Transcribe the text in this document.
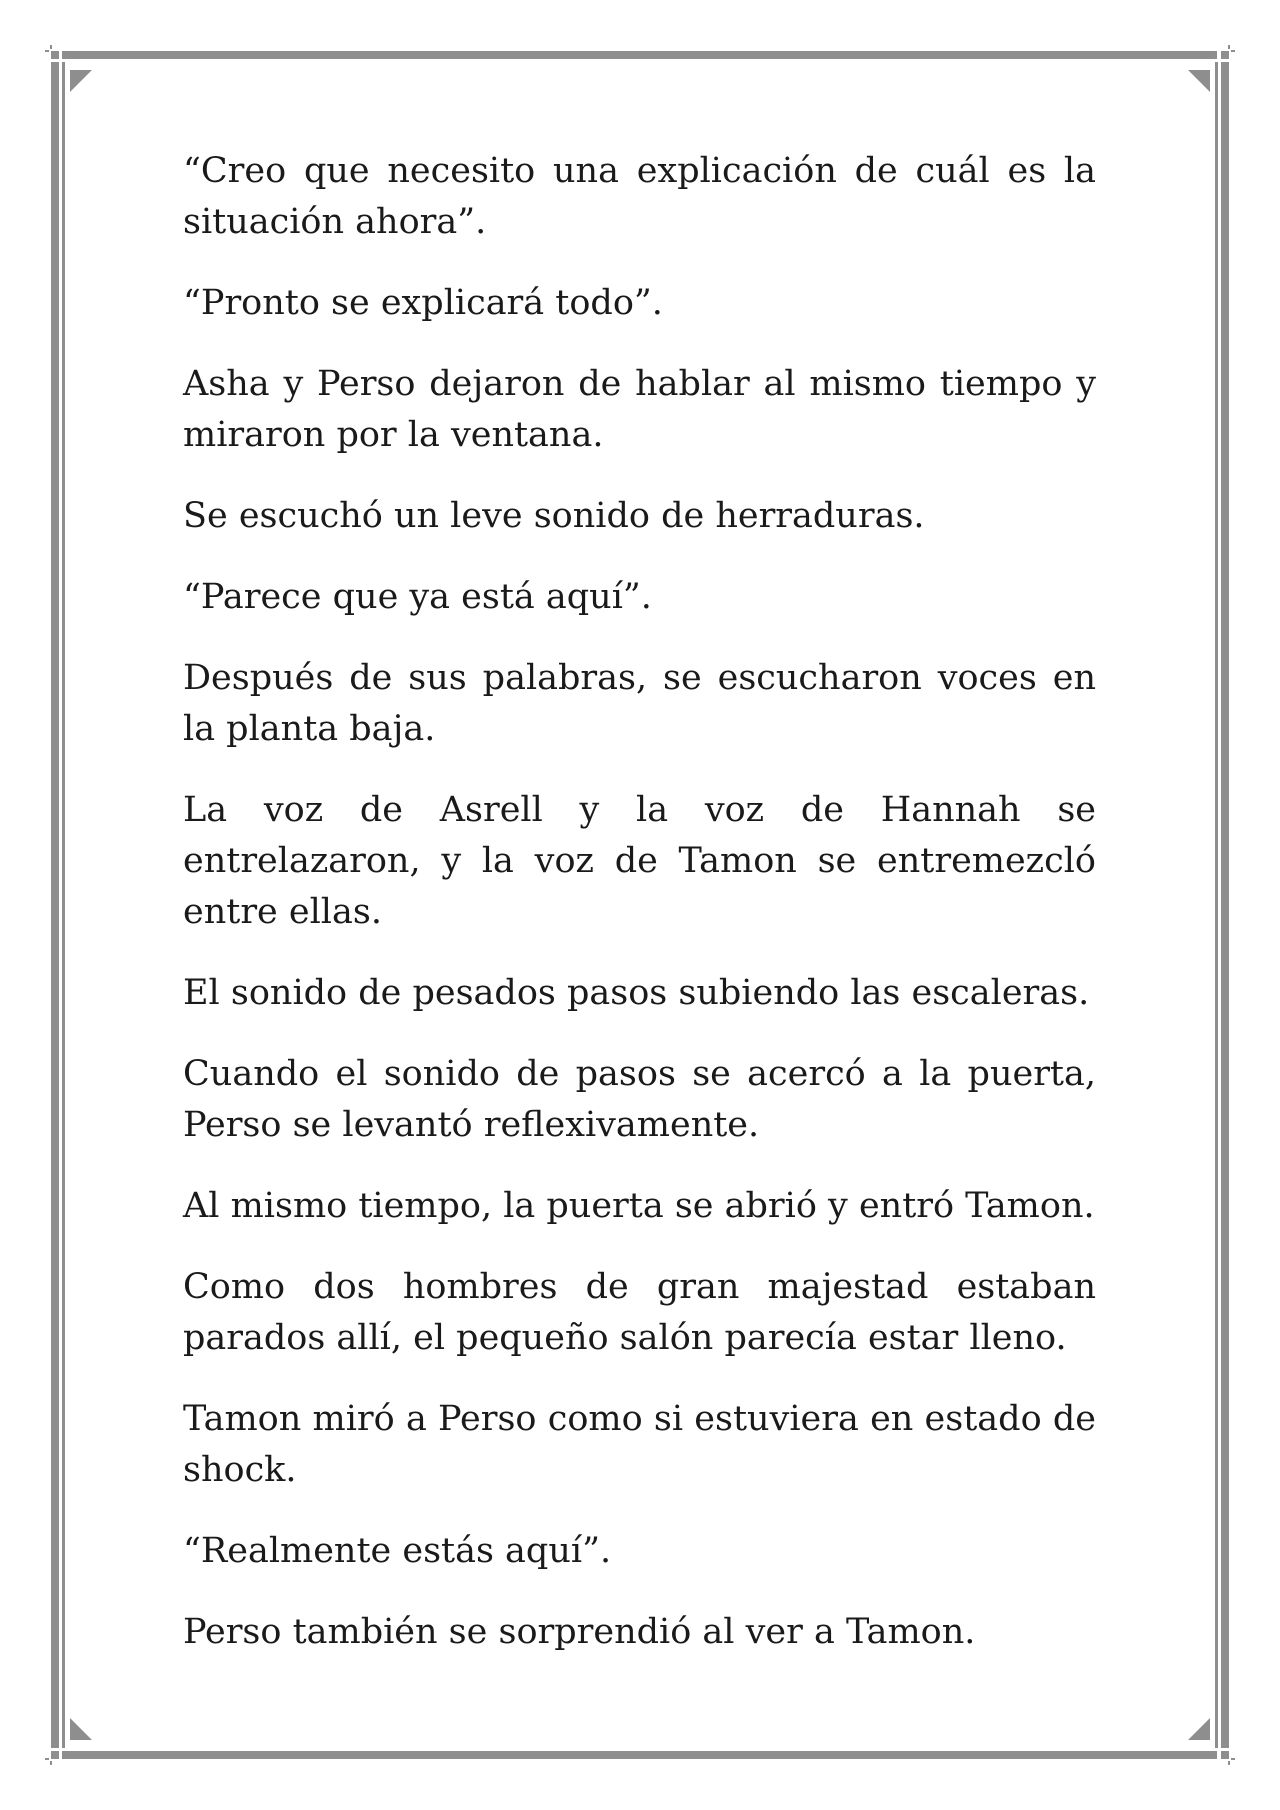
“Creo que necesito una explicación de cuál es la situación ahora”.

“Pronto se explicará todo”.

Asha y Perso dejaron de hablar al mismo tiempo y miraron por la ventana.

Se escuchó un leve sonido de herraduras.

“Parece que ya está aquí”.

Después de sus palabras, se escucharon voces en la planta baja.

La voz de Asrell y la voz de Hannah se entrelazaron, y la voz de Tamon se entremezcló entre ellas.

El sonido de pesados pasos subiendo las escaleras.

Cuando el sonido de pasos se acercó a la puerta, Perso se levantó reflexivamente.

Al mismo tiempo, la puerta se abrió y entró Tamon.

Como dos hombres de gran majestad estaban parados allí, el pequeño salón parecía estar lleno.

Tamon miró a Perso como si estuviera en estado de shock.

“Realmente estás aquí”.

Perso también se sorprendió al ver a Tamon.
